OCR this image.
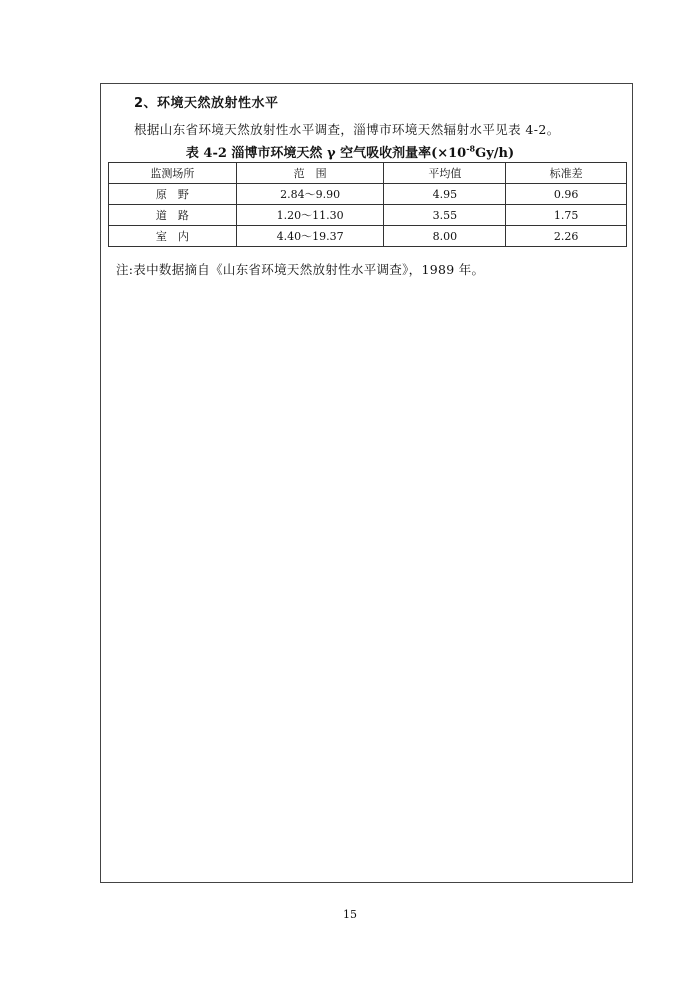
2、环境天然放射性水平
根据山东省环境天然放射性水平调查，淄博市环境天然辐射水平见表 4-2。
表 4-2 淄博市环境天然 γ 空气吸收剂量率$(\times 10^{-8}Gy/h)$
监测场所	范　围	平均值	标准差
原　野	2.84～9.90	4.95	0.96
道　路	1.20～11.30	3.55	1.75
室　内	4.40～19.37	8.00	2.26
注:表中数据摘自《山东省环境天然放射性水平调查》，1989 年。
15
